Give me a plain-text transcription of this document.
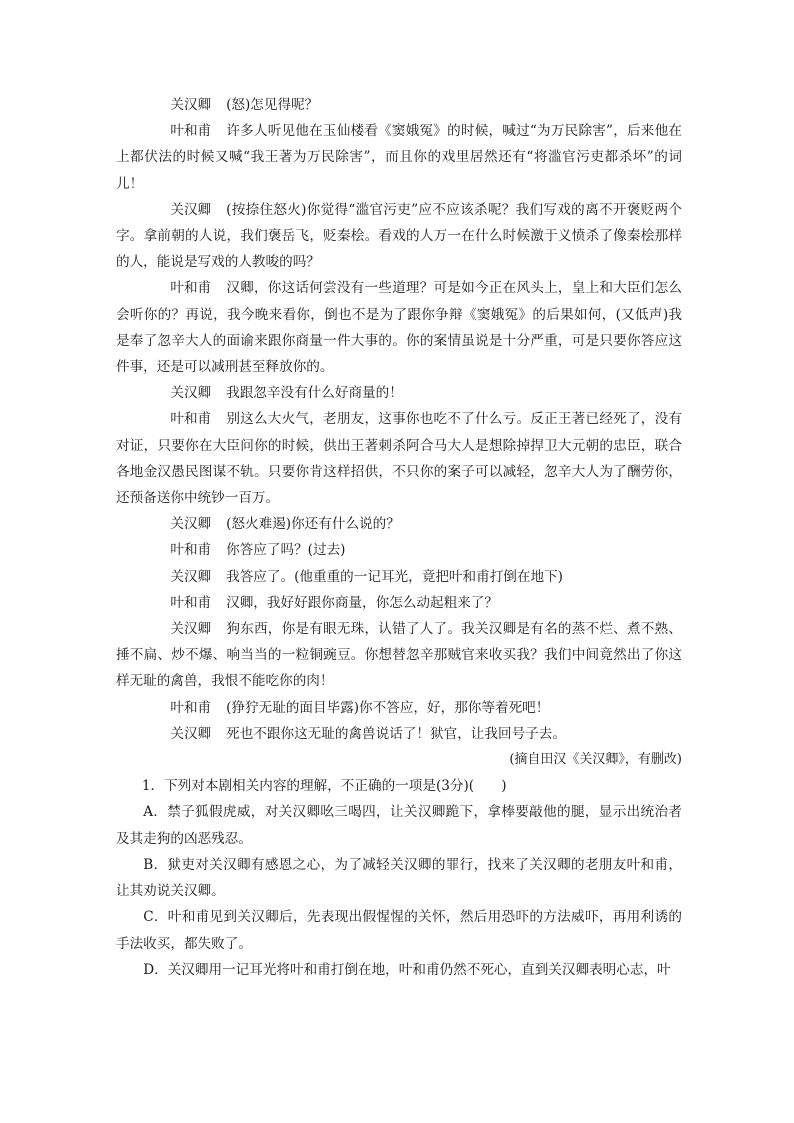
关汉卿 (怒)怎见得呢？

叶和甫 许多人听见他在玉仙楼看《窦娥冤》的时候，喊过“为万民除害”，后来他在上都伏法的时候又喊“我王著为万民除害”，而且你的戏里居然还有“将滥官污吏都杀坏”的词儿！

关汉卿 (按捺住怒火)你觉得“滥官污吏”应不应该杀呢？我们写戏的离不开褒贬两个字。拿前朝的人说，我们褒岳飞，贬秦桧。看戏的人万一在什么时候激于义愤杀了像秦桧那样的人，能说是写戏的人教唆的吗？

叶和甫 汉卿，你这话何尝没有一些道理？可是如今正在风头上，皇上和大臣们怎么会听你的？再说，我今晚来看你，倒也不是为了跟你争辩《窦娥冤》的后果如何，(又低声)我是奉了忽辛大人的面谕来跟你商量一件大事的。你的案情虽说是十分严重，可是只要你答应这件事，还是可以减刑甚至释放你的。

关汉卿 我跟忽辛没有什么好商量的！

叶和甫 别这么大火气，老朋友，这事你也吃不了什么亏。反正王著已经死了，没有对证，只要你在大臣问你的时候，供出王著刺杀阿合马大人是想除掉捍卫大元朝的忠臣，联合各地金汉愚民图谋不轨。只要你肯这样招供，不只你的案子可以减轻，忽辛大人为了酬劳你，还预备送你中统钞一百万。

关汉卿 (怒火难遏)你还有什么说的？

叶和甫 你答应了吗？(过去)

关汉卿 我答应了。(他重重的一记耳光，竟把叶和甫打倒在地下)

叶和甫 汉卿，我好好跟你商量，你怎么动起粗来了？

关汉卿 狗东西，你是有眼无珠，认错了人了。我关汉卿是有名的蒸不烂、煮不熟、捶不扁、炒不爆、响当当的一粒铜豌豆。你想替忽辛那贼官来收买我？我们中间竟然出了你这样无耻的禽兽，我恨不能吃你的肉！

叶和甫 (狰狞无耻的面目毕露)你不答应，好，那你等着死吧！

关汉卿 死也不跟你这无耻的禽兽说话了！狱官，让我回号子去。

(摘自田汉《关汉卿》，有删改)

1．下列对本剧相关内容的理解，不正确的一项是(3分)(　　)

A．禁子狐假虎威，对关汉卿吆三喝四，让关汉卿跪下，拿棒要敲他的腿，显示出统治者及其走狗的凶恶残忍。

B．狱吏对关汉卿有感恩之心，为了减轻关汉卿的罪行，找来了关汉卿的老朋友叶和甫，让其劝说关汉卿。

C．叶和甫见到关汉卿后，先表现出假惺惺的关怀，然后用恐吓的方法威吓，再用利诱的手法收买，都失败了。

D．关汉卿用一记耳光将叶和甫打倒在地，叶和甫仍然不死心，直到关汉卿表明心志，叶
